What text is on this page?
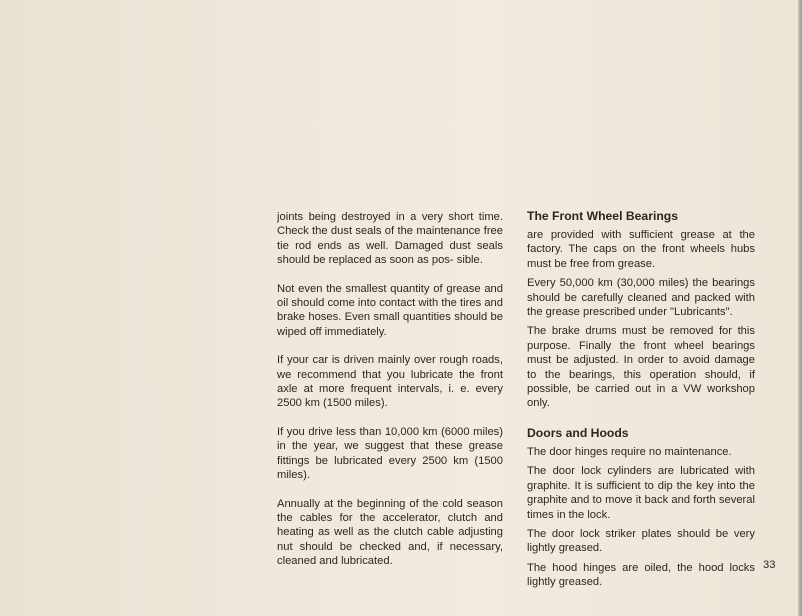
joints being destroyed in a very short time. Check the dust seals of the maintenance free tie rod ends as well. Damaged dust seals should be replaced as soon as pos- sible.

Not even the smallest quantity of grease and oil should come into contact with the tires and brake hoses. Even small quantities should be wiped off immediately.

If your car is driven mainly over rough roads, we recommend that you lubricate the front axle at more frequent intervals, i. e. every 2500 km (1500 miles).

If you drive less than 10,000 km (6000 miles) in the year, we suggest that these grease fittings be lubricated every 2500 km (1500 miles).

Annually at the beginning of the cold season the cables for the accelerator, clutch and heating as well as the clutch cable adjusting nut should be checked and, if necessary, cleaned and lubricated.

The Front Wheel Bearings

are provided with sufficient grease at the factory. The caps on the front wheels hubs must be free from grease.

Every 50,000 km (30,000 miles) the bearings should be carefully cleaned and packed with the grease prescribed under "Lubricants".

The brake drums must be removed for this purpose. Finally the front wheel bearings must be adjusted. In order to avoid damage to the bearings, this operation should, if possible, be carried out in a VW workshop only.

Doors and Hoods

The door hinges require no maintenance.

The door lock cylinders are lubricated with graphite. It is sufficient to dip the key into the graphite and to move it back and forth several times in the lock.

The door lock striker plates should be very lightly greased.

The hood hinges are oiled, the hood locks lightly greased.

33
